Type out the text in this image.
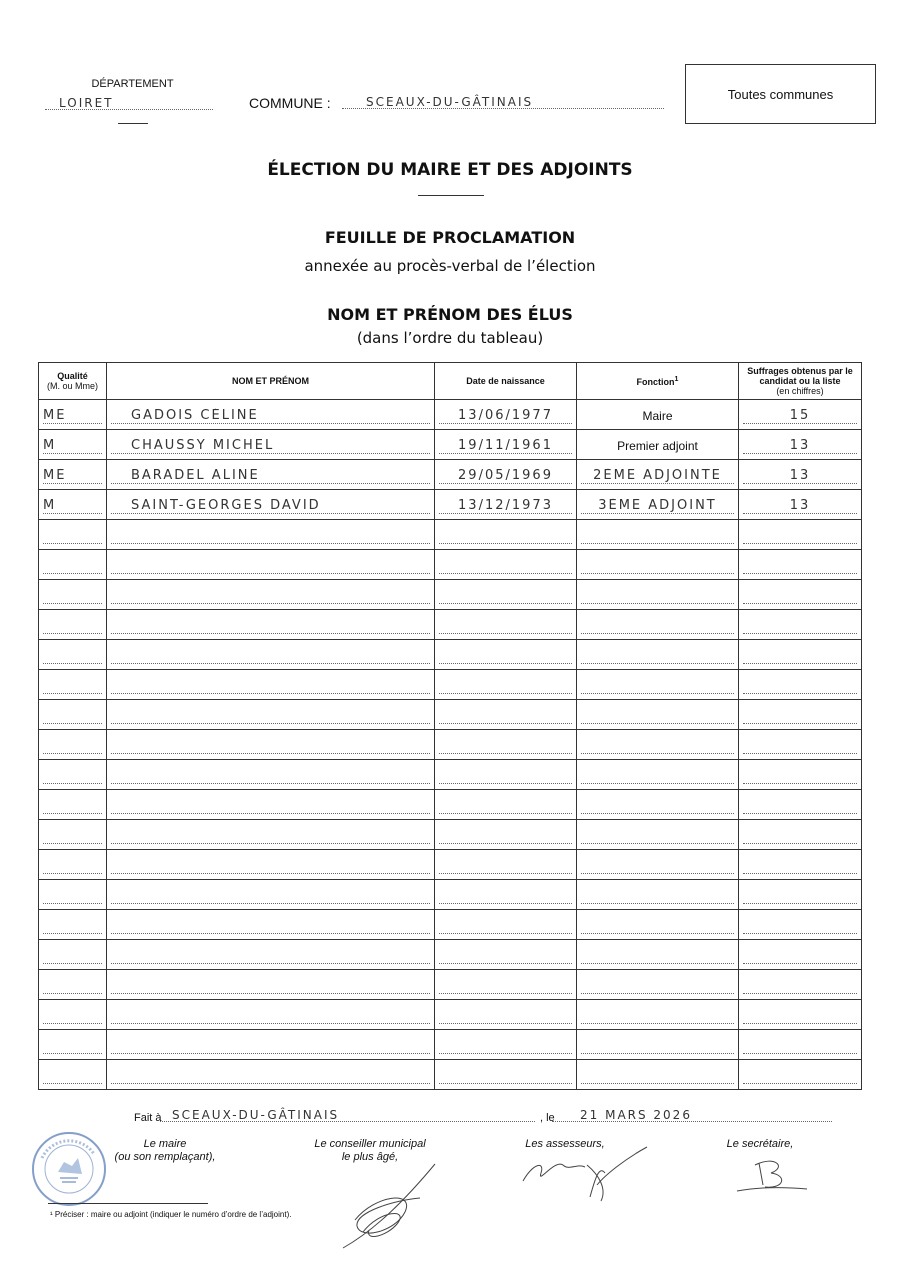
DÉPARTEMENT
LOIRET	COMMUNE :	SCEAUX-DU-GÂTINAIS
Toutes communes
ÉLECTION DU MAIRE ET DES ADJOINTS
FEUILLE DE PROCLAMATION
annexée au procès-verbal de l’élection
NOM ET PRÉNOM DES ÉLUS
(dans l’ordre du tableau)
Qualité
(M. ou Mme)	NOM ET PRÉNOM	Date de naissance	Fonction$^1$	Suffrages obtenus par le candidat ou la liste
(en chiffres)

ME	GADOIS CÉLINE	13/06/1977	Maire	15

M	CHAUSSY MICHEL	19/11/1961	Premier adjoint	13

ME	BARADEL ALINE	29/05/1969	2ÈME ADJOINTE	13

M	SAINT-GEORGES DAVID	13/12/1973	3ÈME ADJOINT	13

Fait à SCEAUX-DU-GÂTINAIS	, le	21 MARS 2026
Le maire
(ou son remplaçant),
Le conseiller municipal
le plus âgé,
Les assesseurs,	Le secrétaire,
¹ Préciser : maire ou adjoint (indiquer le numéro d’ordre de l’adjoint).
